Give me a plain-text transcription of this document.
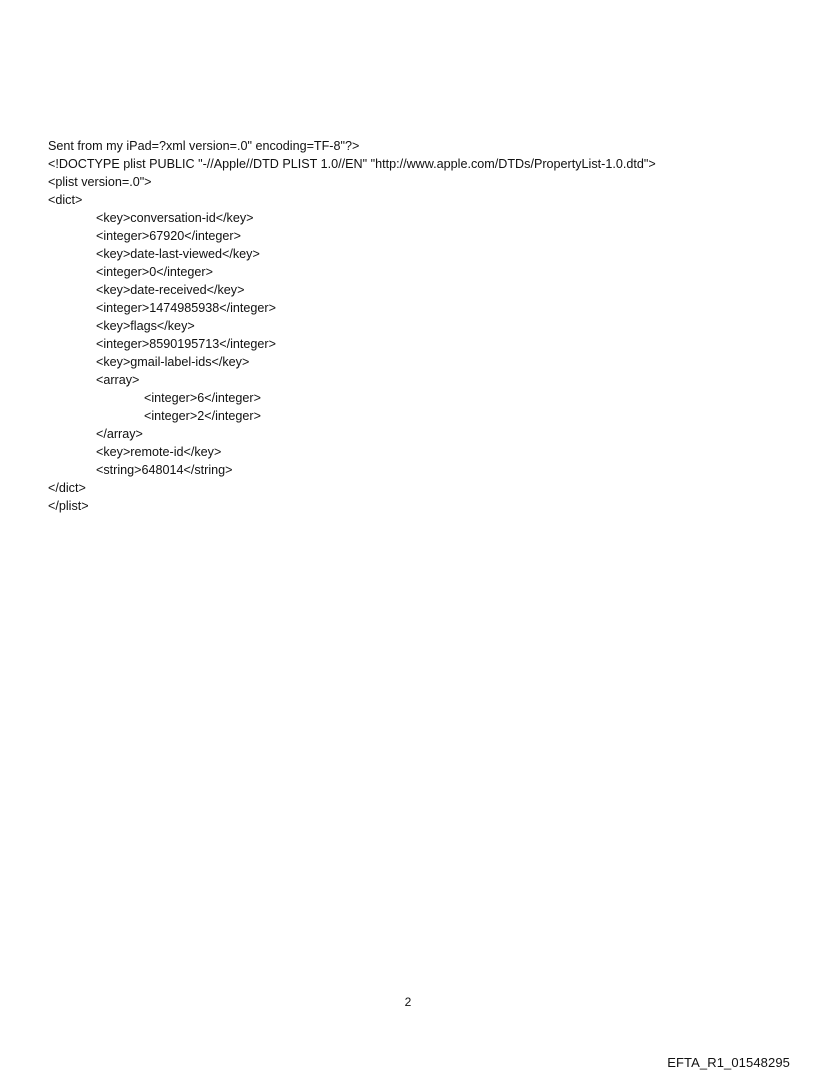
Sent from my iPad=?xml version=.0" encoding=TF-8"?>
<!DOCTYPE plist PUBLIC "-//Apple//DTD PLIST 1.0//EN" "http://www.apple.com/DTDs/PropertyList-1.0.dtd">
<plist version=.0">
<dict>
<key>conversation-id</key>
<integer>67920</integer>
<key>date-last-viewed</key>
<integer>0</integer>
<key>date-received</key>
<integer>1474985938</integer>
<key>flags</key>
<integer>8590195713</integer>
<key>gmail-label-ids</key>
<array>
<integer>6</integer>
<integer>2</integer>
</array>
<key>remote-id</key>
<string>648014</string>
</dict>
</plist>
2
EFTA_R1_01548295
